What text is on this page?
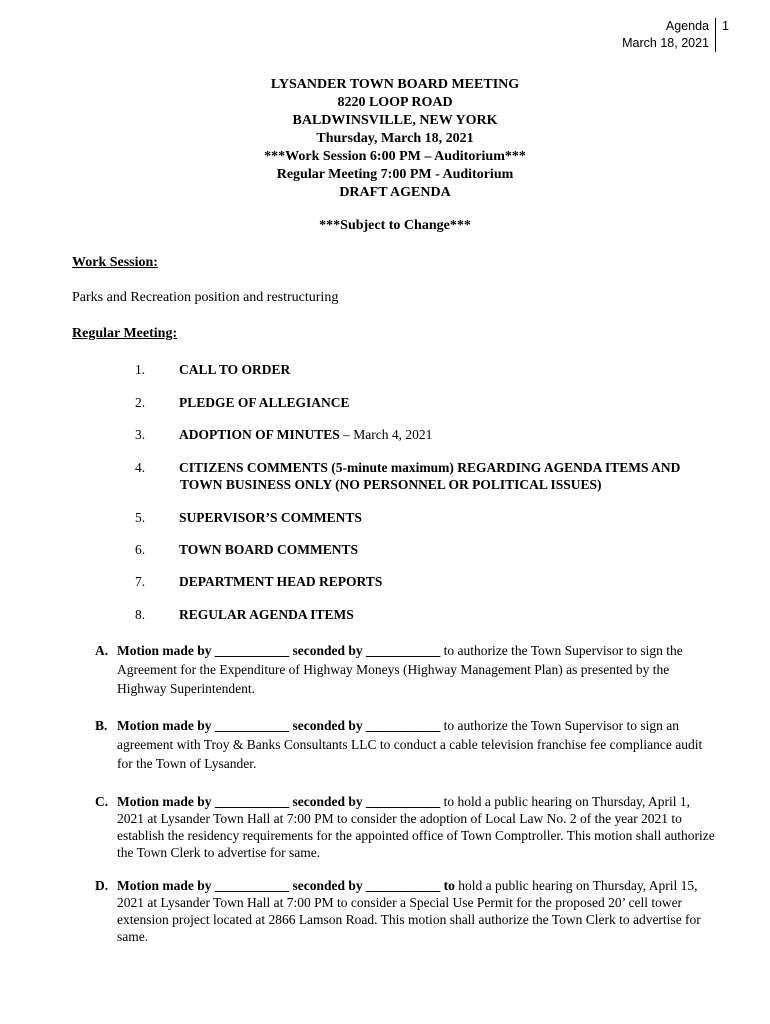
Agenda
March 18, 2021
1
LYSANDER TOWN BOARD MEETING
8220 LOOP ROAD
BALDWINSVILLE, NEW YORK
Thursday, March 18, 2021
***Work Session 6:00 PM – Auditorium***
Regular Meeting 7:00 PM - Auditorium
DRAFT AGENDA
***Subject to Change***
Work Session:
Parks and Recreation position and restructuring
Regular Meeting:
1.	CALL TO ORDER
2.	PLEDGE OF ALLEGIANCE
3.	ADOPTION OF MINUTES – March 4, 2021
4.	CITIZENS COMMENTS (5-minute maximum) REGARDING AGENDA ITEMS AND
TOWN BUSINESS ONLY (NO PERSONNEL OR POLITICAL ISSUES)
5.	SUPERVISOR’S COMMENTS
6.	TOWN BOARD COMMENTS
7.	DEPARTMENT HEAD REPORTS
8.	REGULAR AGENDA ITEMS
A. Motion made by ___________ seconded by ___________ to authorize the Town Supervisor to sign the Agreement for the Expenditure of Highway Moneys (Highway Management Plan) as presented by the Highway Superintendent.
B. Motion made by ___________ seconded by ___________ to authorize the Town Supervisor to sign an agreement with Troy & Banks Consultants LLC to conduct a cable television franchise fee compliance audit for the Town of Lysander.
C. Motion made by ___________ seconded by ___________ to hold a public hearing on Thursday, April 1, 2021 at Lysander Town Hall at 7:00 PM to consider the adoption of Local Law No. 2 of the year 2021 to establish the residency requirements for the appointed office of Town Comptroller. This motion shall authorize the Town Clerk to advertise for same.
D. Motion made by ___________ seconded by ___________ to hold a public hearing on Thursday, April 15, 2021 at Lysander Town Hall at 7:00 PM to consider a Special Use Permit for the proposed 20’ cell tower extension project located at 2866 Lamson Road. This motion shall authorize the Town Clerk to advertise for same.
